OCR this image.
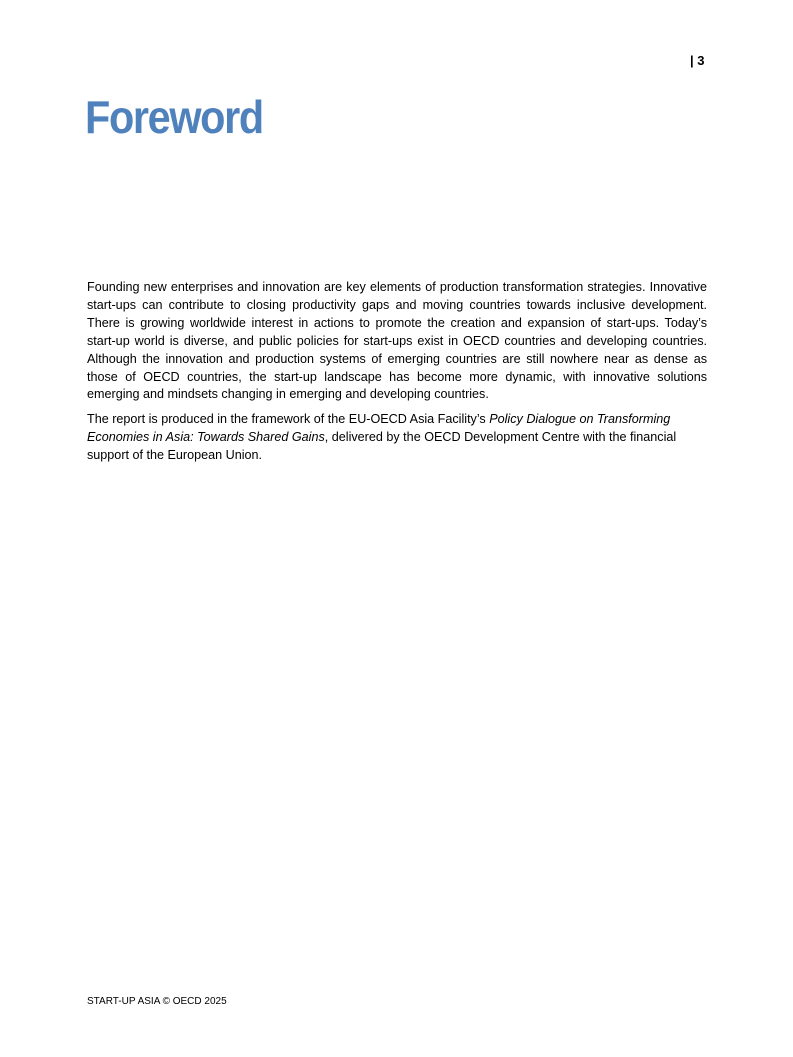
| 3
Foreword

Founding new enterprises and innovation are key elements of production transformation strategies. Innovative start-ups can contribute to closing productivity gaps and moving countries towards inclusive development. There is growing worldwide interest in actions to promote the creation and expansion of start-ups. Today’s start-up world is diverse, and public policies for start-ups exist in OECD countries and developing countries. Although the innovation and production systems of emerging countries are still nowhere near as dense as those of OECD countries, the start-up landscape has become more dynamic, with innovative solutions emerging and mindsets changing in emerging and developing countries.

The report is produced in the framework of the EU-OECD Asia Facility’s Policy Dialogue on Transforming Economies in Asia: Towards Shared Gains, delivered by the OECD Development Centre with the financial support of the European Union.

START-UP ASIA © OECD 2025
